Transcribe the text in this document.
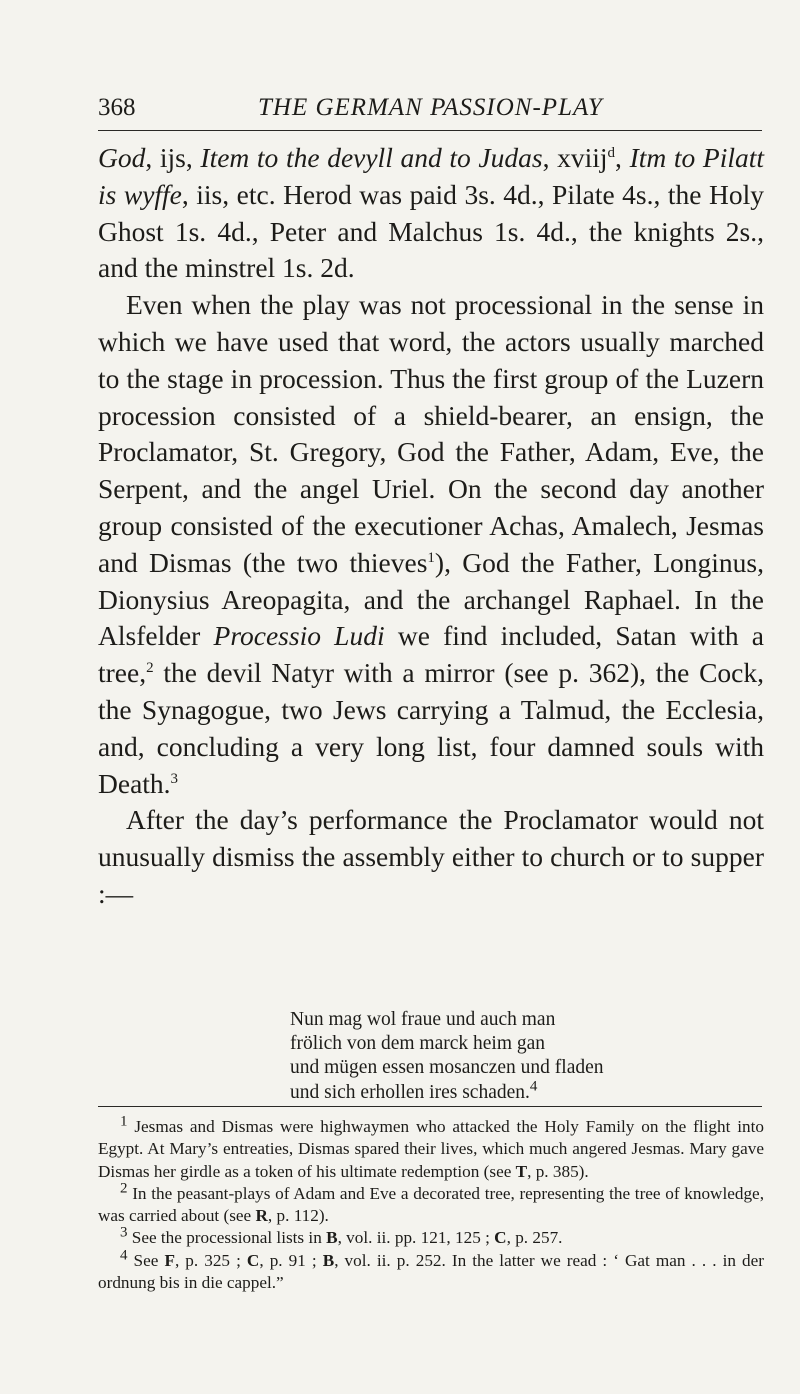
368	THE GERMAN PASSION-PLAY

God, ijs, Item to the devyll and to Judas, xviij$^d$, Itm to Pilatt is wyffe, iis, etc. Herod was paid 3s. 4d., Pilate 4s., the Holy Ghost 1s. 4d., Peter and Malchus 1s. 4d., the knights 2s., and the minstrel 1s. 2d.

Even when the play was not processional in the sense in which we have used that word, the actors usually marched to the stage in procession. Thus the first group of the Luzern procession consisted of a shield-bearer, an ensign, the Proclamator, St. Gregory, God the Father, Adam, Eve, the Serpent, and the angel Uriel. On the second day another group consisted of the executioner Achas, Amalech, Jesmas and Dismas (the two thieves$^1$), God the Father, Longinus, Dionysius Areopagita, and the archangel Raphael. In the Alsfelder Processio Ludi we find included, Satan with a tree,$^2$ the devil Natyr with a mirror (see p. 362), the Cock, the Synagogue, two Jews carrying a Talmud, the Ecclesia, and, concluding a very long list, four damned souls with Death.$^3$

After the day’s performance the Proclamator would not unusually dismiss the assembly either to church or to supper :—

Nun mag wol fraue und auch man
frölich von dem marck heim gan
und mügen essen mosanczen und fladen
und sich erhollen ires schaden.$^4$

$^1$ Jesmas and Dismas were highwaymen who attacked the Holy Family on the flight into Egypt. At Mary’s entreaties, Dismas spared their lives, which much angered Jesmas. Mary gave Dismas her girdle as a token of his ultimate redemption (see T, p. 385).

$^2$ In the peasant-plays of Adam and Eve a decorated tree, representing the tree of knowledge, was carried about (see R, p. 112).

$^3$ See the processional lists in B, vol. ii. pp. 121, 125 ; C, p. 257.

$^4$ See F, p. 325 ; C, p. 91 ; B, vol. ii. p. 252. In the latter we read : ‘ Gat man . . . in der ordnung bis in die cappel.”
